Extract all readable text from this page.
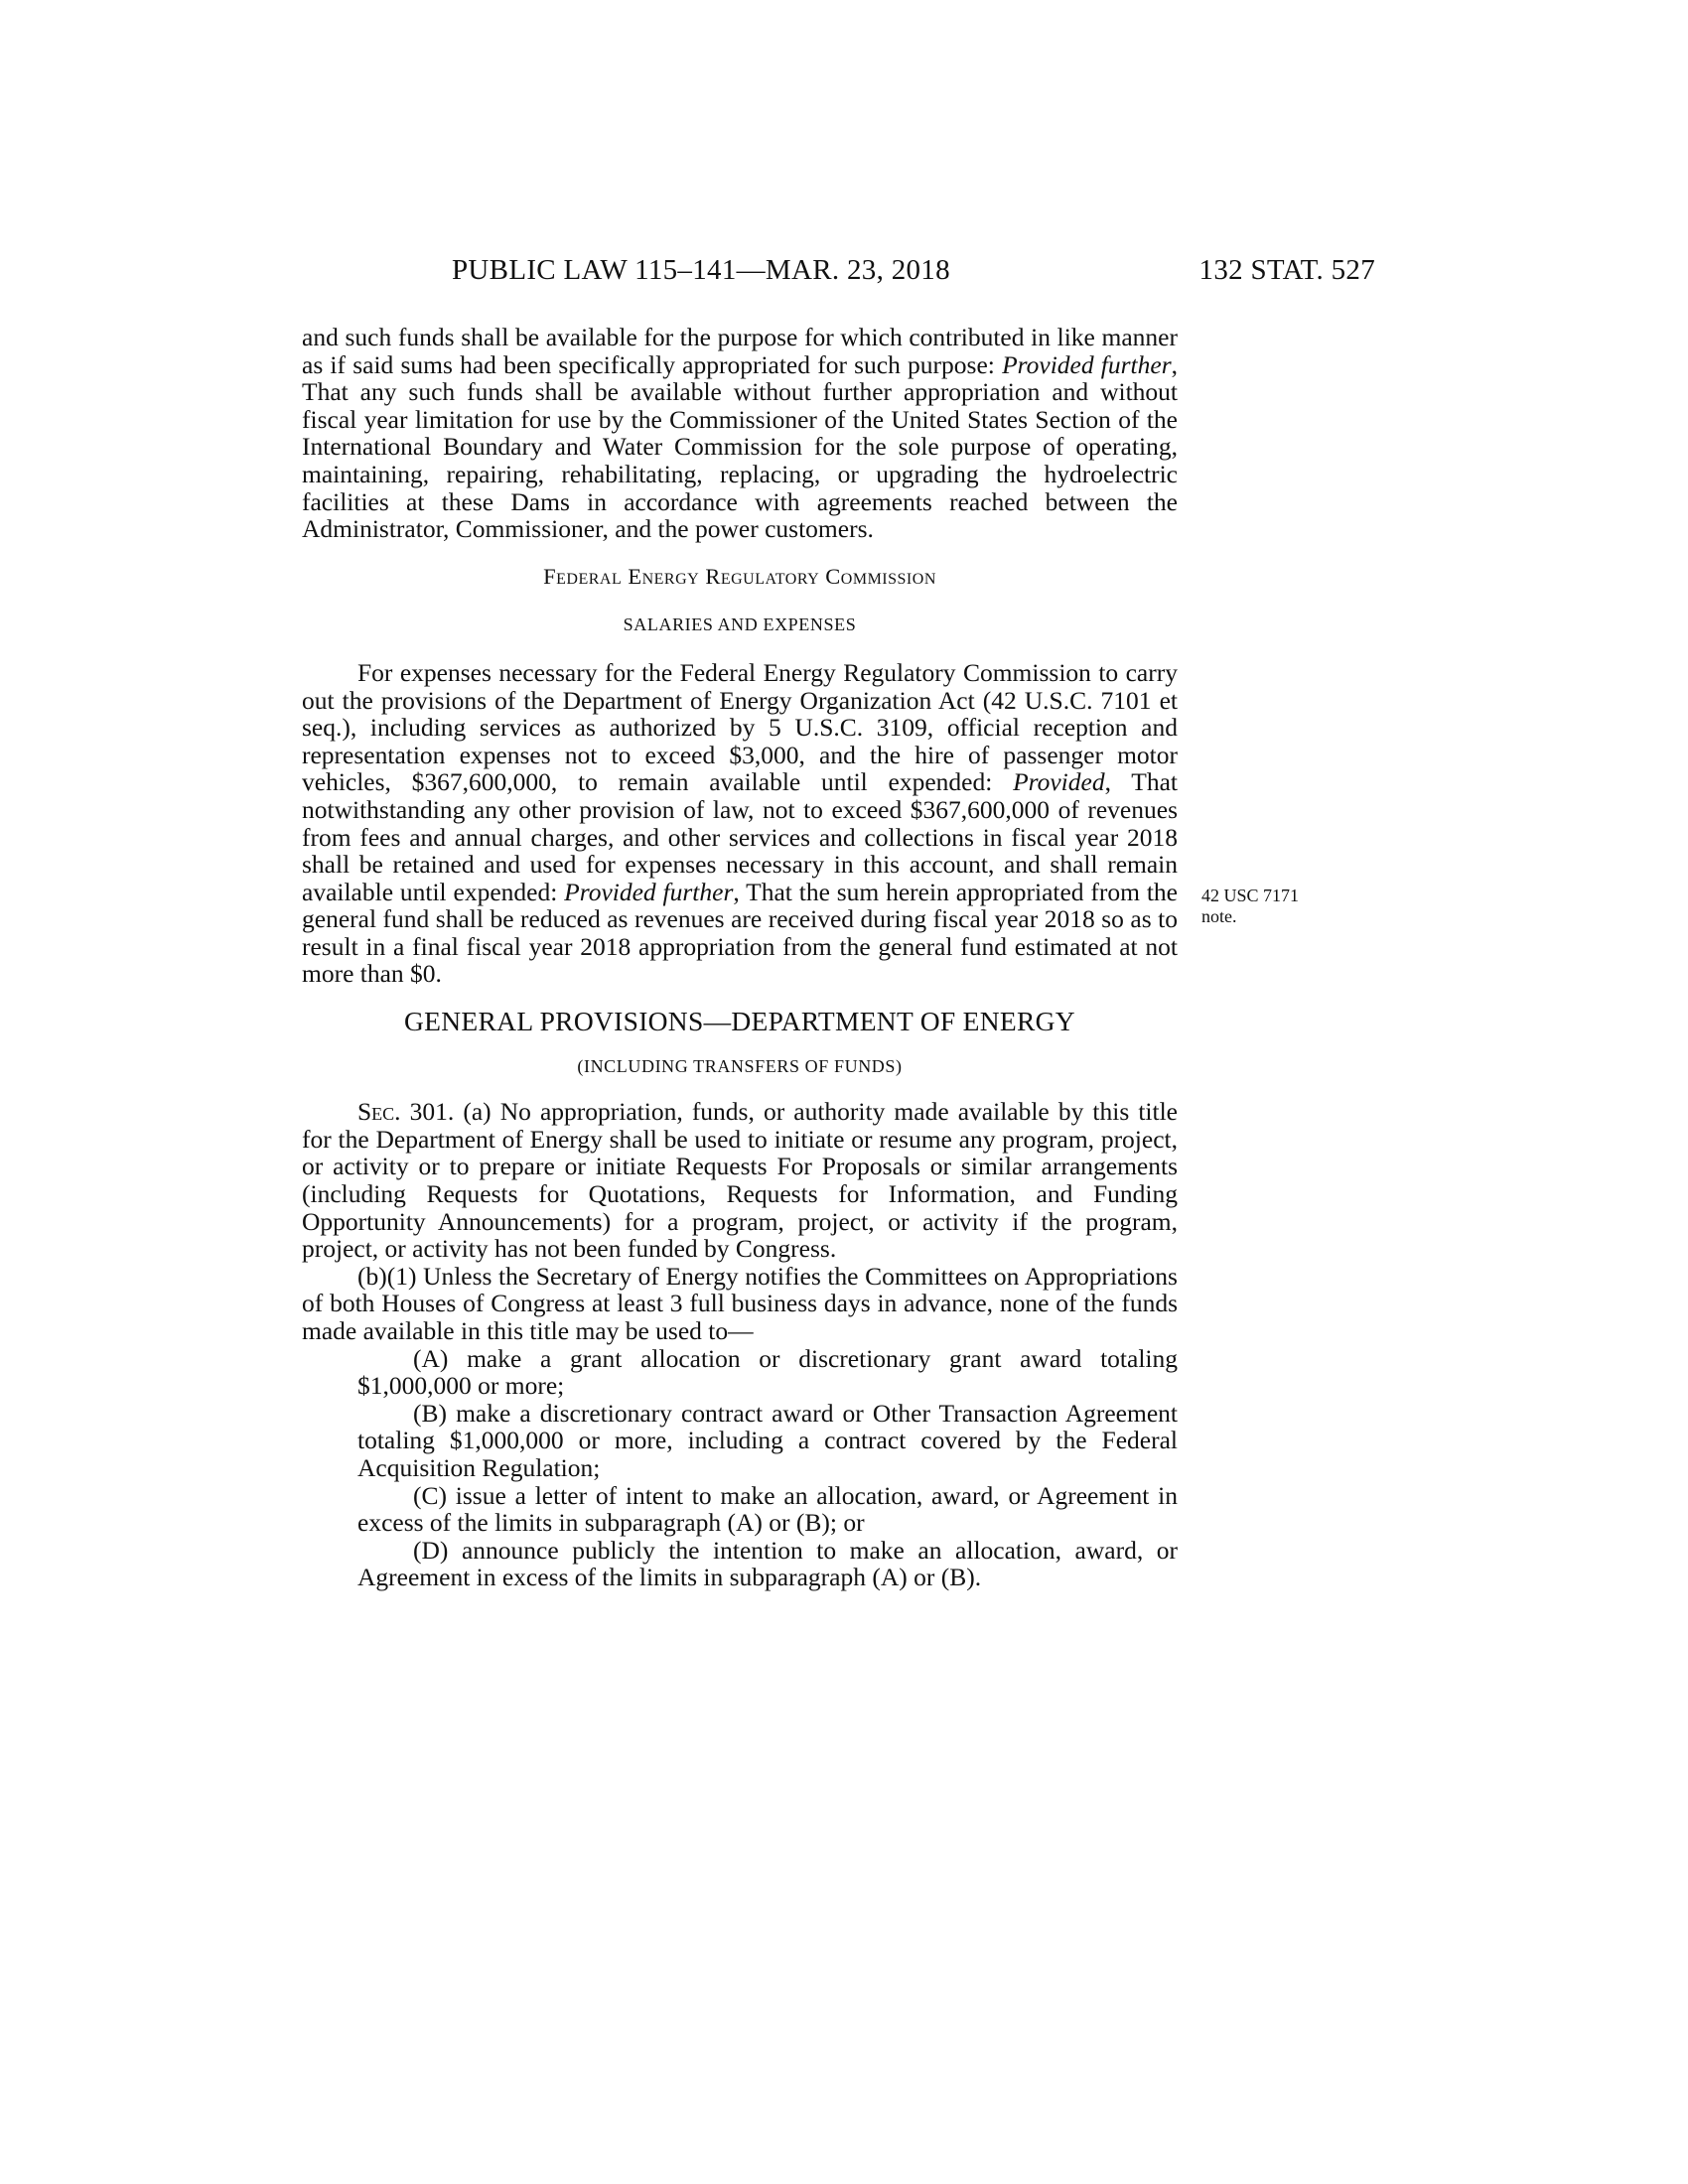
PUBLIC LAW 115–141—MAR. 23, 2018	132 STAT. 527

and such funds shall be available for the purpose for which contributed in like manner as if said sums had been specifically appropriated for such purpose: Provided further, That any such funds shall be available without further appropriation and without fiscal year limitation for use by the Commissioner of the United States Section of the International Boundary and Water Commission for the sole purpose of operating, maintaining, repairing, rehabilitating, replacing, or upgrading the hydroelectric facilities at these Dams in accordance with agreements reached between the Administrator, Commissioner, and the power customers.

Federal Energy Regulatory Commission

SALARIES AND EXPENSES

For expenses necessary for the Federal Energy Regulatory Commission to carry out the provisions of the Department of Energy Organization Act (42 U.S.C. 7101 et seq.), including services as authorized by 5 U.S.C. 3109, official reception and representation expenses not to exceed $3,000, and the hire of passenger motor vehicles, $367,600,000, to remain available until expended: Provided, That notwithstanding any other provision of law, not to exceed $367,600,000 of revenues from fees and annual charges, and other services and collections in fiscal year 2018 shall be retained and used for expenses necessary in this account, and shall remain available until expended: Provided further, That the sum herein appropriated from the general fund shall be reduced as revenues are received during fiscal year 2018 so as to result in a final fiscal year 2018 appropriation from the general fund estimated at not more than $0.

GENERAL PROVISIONS—DEPARTMENT OF ENERGY

(INCLUDING TRANSFERS OF FUNDS)

Sec. 301. (a) No appropriation, funds, or authority made available by this title for the Department of Energy shall be used to initiate or resume any program, project, or activity or to prepare or initiate Requests For Proposals or similar arrangements (including Requests for Quotations, Requests for Information, and Funding Opportunity Announcements) for a program, project, or activity if the program, project, or activity has not been funded by Congress.

(b)(1) Unless the Secretary of Energy notifies the Committees on Appropriations of both Houses of Congress at least 3 full business days in advance, none of the funds made available in this title may be used to—

(A) make a grant allocation or discretionary grant award totaling $1,000,000 or more;

(B) make a discretionary contract award or Other Transaction Agreement totaling $1,000,000 or more, including a contract covered by the Federal Acquisition Regulation;

(C) issue a letter of intent to make an allocation, award, or Agreement in excess of the limits in subparagraph (A) or (B); or

(D) announce publicly the intention to make an allocation, award, or Agreement in excess of the limits in subparagraph (A) or (B).

42 USC 7171
note.
